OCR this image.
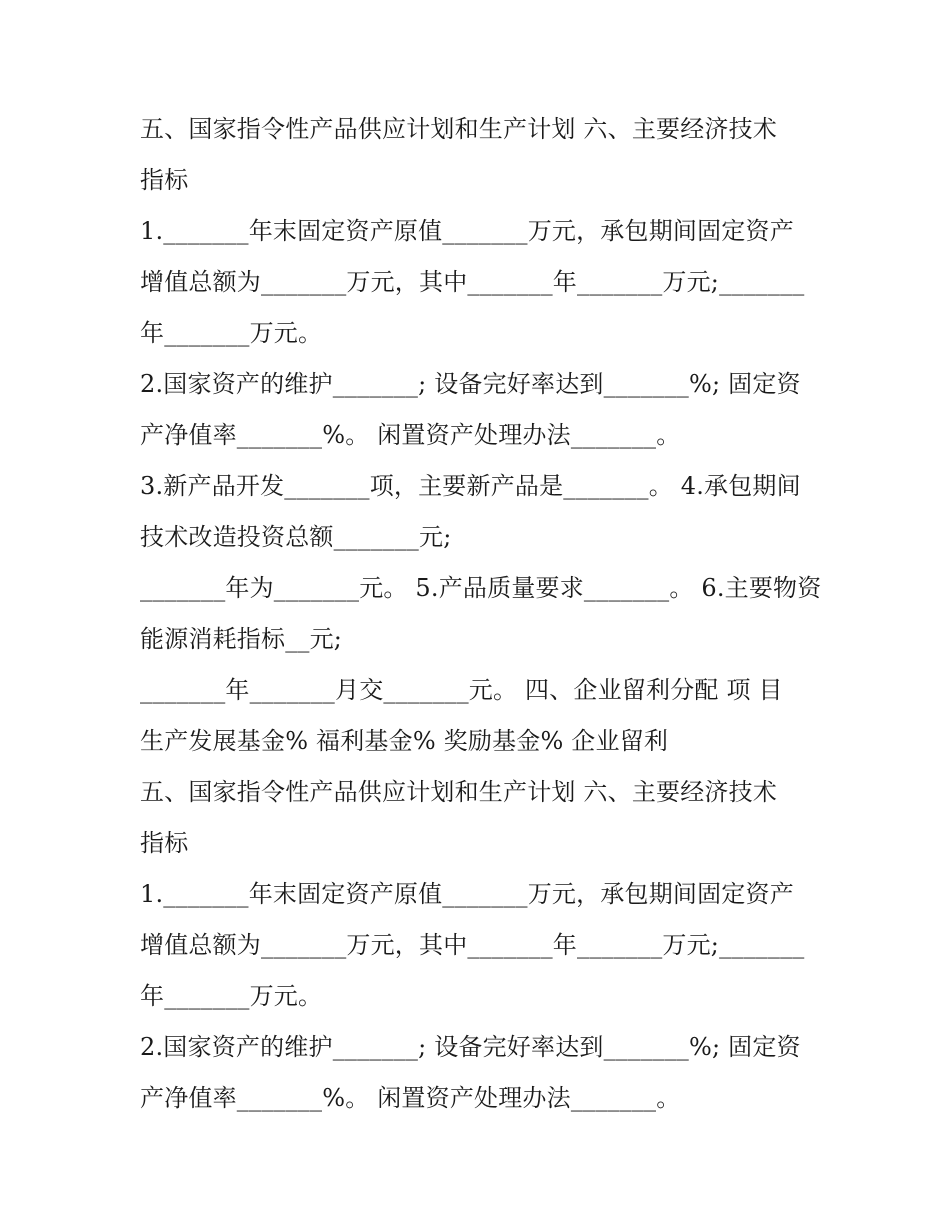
五、国家指令性产品供应计划和生产计划 六、主要经济技术
指标
1._______年末固定资产原值_______万元，承包期间固定资产
增值总额为_______万元，其中_______年_______万元;_______
年_______万元。
2.国家资产的维护_______; 设备完好率达到_______%; 固定资
产净值率_______%。 闲置资产处理办法_______。
3.新产品开发_______项，主要新产品是_______。 4.承包期间
技术改造投资总额_______元;
_______年为_______元。 5.产品质量要求_______。 6.主要物资
能源消耗指标__元;
_______年_______月交_______元。 四、企业留利分配 项 目
生产发展基金% 福利基金% 奖励基金% 企业留利
五、国家指令性产品供应计划和生产计划 六、主要经济技术
指标
1._______年末固定资产原值_______万元，承包期间固定资产
增值总额为_______万元，其中_______年_______万元;_______
年_______万元。
2.国家资产的维护_______; 设备完好率达到_______%; 固定资
产净值率_______%。 闲置资产处理办法_______。
